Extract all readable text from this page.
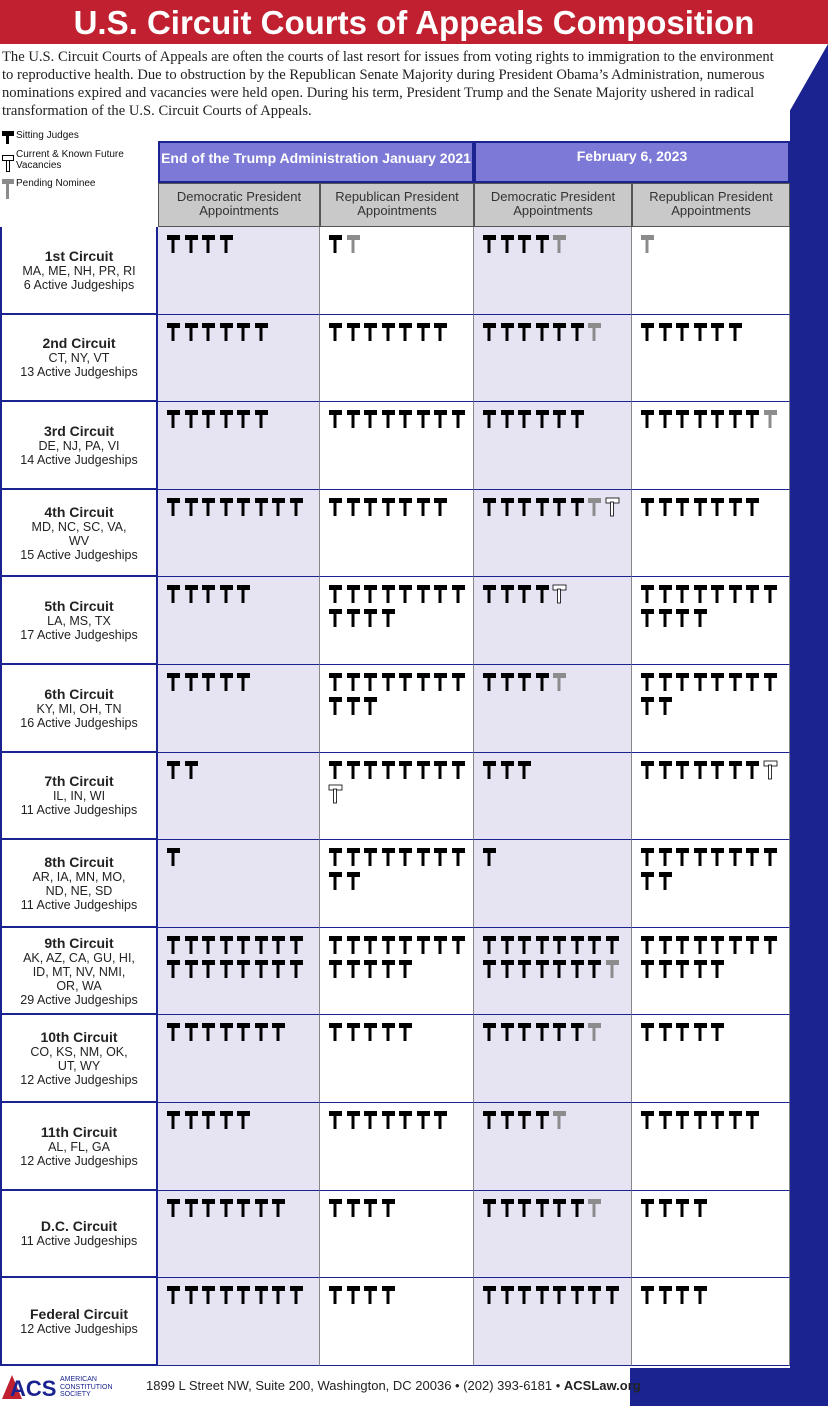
U.S. Circuit Courts of Appeals Composition
The U.S. Circuit Courts of Appeals are often the courts of last resort for issues from voting rights to immigration to the environment to reproductive health. Due to obstruction by the Republican Senate Majority during President Obama’s Administration, numerous nominations expired and vacancies were held open. During his term, President Trump and the Senate Majority ushered in radical transformation of the U.S. Circuit Courts of Appeals.
Sitting Judges
Current & Known Future Vacancies
Pending Nominee
End of the Trump Administration January 2021	February 6, 2023
Democratic President Appointments
Republican President Appointments
Democratic President Appointments
Republican President Appointments
1st Circuit
MA, ME, NH, PR, RI
6 Active Judgeships
2nd Circuit
CT, NY, VT
13 Active Judgeships
3rd Circuit
DE, NJ, PA, VI
14 Active Judgeships
4th Circuit
MD, NC, SC, VA, WV
15 Active Judgeships
5th Circuit
LA, MS, TX
17 Active Judgeships
6th Circuit
KY, MI, OH, TN
16 Active Judgeships
7th Circuit
IL, IN, WI
11 Active Judgeships
8th Circuit
AR, IA, MN, MO, ND, NE, SD
11 Active Judgeships
9th Circuit
AK, AZ, CA, GU, HI, ID, MT, NV, NMI, OR, WA
29 Active Judgeships
10th Circuit
CO, KS, NM, OK, UT, WY
12 Active Judgeships
11th Circuit
AL, FL, GA
12 Active Judgeships
D.C. Circuit
11 Active Judgeships
Federal Circuit
12 Active Judgeships
ACS AMERICAN
CONSTITUTION
SOCIETY
1899 L Street NW, Suite 200, Washington, DC 20036 • (202) 393-6181 • ACSLaw.org
